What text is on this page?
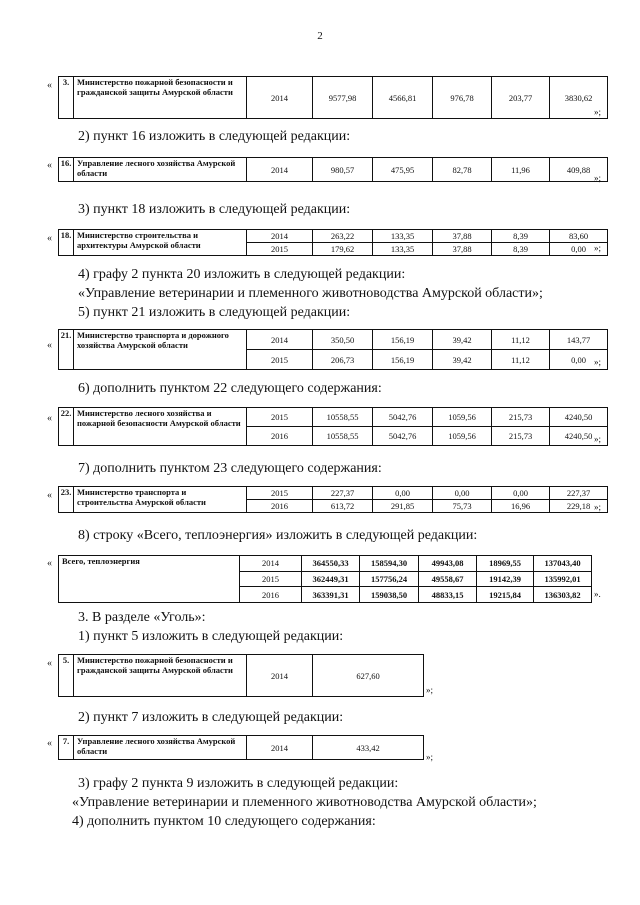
2
« 3.	Министерство пожарной безопасности и гражданской защиты Амурской области	2014	9577,98	4566,81	976,78	203,77	3830,62
»;
2) пункт 16 изложить в следующей редакции:
« 16.	Управление лесного хозяйства Амурской области	2014	980,57	475,95	82,78	11,96	409,88
»;
3) пункт 18 изложить в следующей редакции:
« 18.	Министерство строительства и архитектуры Амурской области	2014	263,22	133,35	37,88	8,39	83,60
		2015	179,62	133,35	37,88	8,39	0,00 »;
4) графу 2 пункта 20 изложить в следующей редакции:
«Управление ветеринарии и племенного животноводства Амурской области»;
5) пункт 21 изложить в следующей редакции:
«
21.	Министерство транспорта и дорожного хозяйства Амурской области	2014	350,50	156,19	39,42	11,12	143,77
		2015	206,73	156,19	39,42	11,12	0,00 »;
6) дополнить пунктом 22 следующего содержания:
« 22.	Министерство лесного хозяйства и пожарной безопасности Амурской области	2015	10558,55	5042,76	1059,56	215,73	4240,50
		2016	10558,55	5042,76	1059,56	215,73	4240,50 »;
7) дополнить пунктом 23 следующего содержания:
« 23.	Министерство транспорта и строительства Амурской области	2015	227,37	0,00	0,00	0,00	227,37
		2016	613,72	291,85	75,73	16,96	229,18 »;
8) строку «Всего, теплоэнергия» изложить в следующей редакции:
« Всего, теплоэнергия	2014	364550,33	158594,30	49943,08	18969,55	137043,40
	2015	362449,31	157756,24	49558,67	19142,39	135992,01
	2016	363391,31	159038,50	48833,15	19215,84	136303,82 ».
3. В разделе «Уголь»:
1) пункт 5 изложить в следующей редакции:
« 5.	Министерство пожарной безопасности и гражданской защиты Амурской области	2014	627,60
»;
2) пункт 7 изложить в следующей редакции:
« 7.	Управление лесного хозяйства Амурской области	2014	433,42
»;
3) графу 2 пункта 9 изложить в следующей редакции:
«Управление ветеринарии и племенного животноводства Амурской области»;
4) дополнить пунктом 10 следующего содержания:
